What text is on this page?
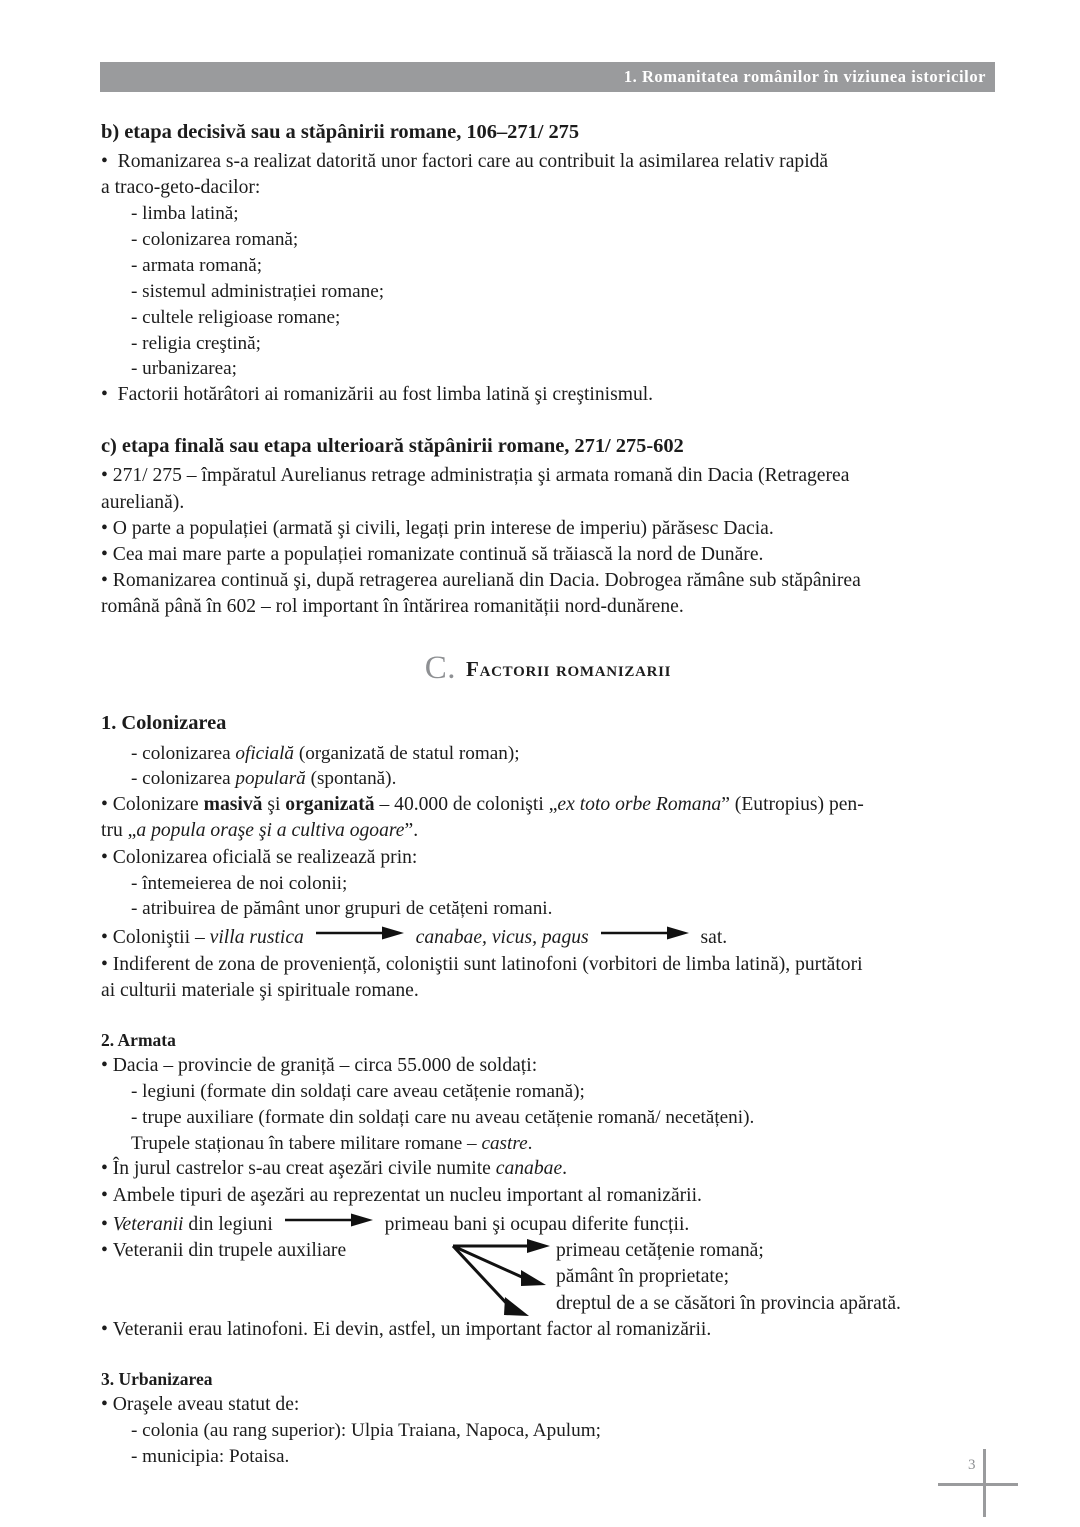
1. Romanitatea românilor în viziunea istoricilor
b) etapa decisivă sau a stăpânirii romane, 106–271/ 275
•  Romanizarea s-a realizat datorită unor factori care au contribuit la asimilarea relativ rapidă
a traco-geto-dacilor:
- limba latină;
- colonizarea romană;
- armata romană;
- sistemul administrației romane;
- cultele religioase romane;
- religia creştină;
- urbanizarea;
•  Factorii hotărâtori ai romanizării au fost limba latină şi creştinismul.
c) etapa finală sau etapa ulterioară stăpânirii romane, 271/ 275-602
• 271/ 275 – împăratul Aurelianus retrage administrația şi armata romană din Dacia (Retragerea
aureliană).
• O parte a populației (armată şi civili, legați prin interese de imperiu) părăsesc Dacia.
• Cea mai mare parte a populației romanizate continuă să trăiască la nord de Dunăre.
• Romanizarea continuă şi, după retragerea aureliană din Dacia. Dobrogea rămâne sub stăpânirea
română până în 602 – rol important în întărirea romanității nord-dunărene.
C. Factorii romanizarii
1. Colonizarea
- colonizarea oficială (organizată de statul roman);
- colonizarea populară (spontană).
• Colonizare masivă şi organizată – 40.000 de colonişti „ex toto orbe Romana” (Eutropius) pen-
tru „a popula oraşe şi a cultiva ogoare”.
• Colonizarea oficială se realizează prin:
- întemeierea de noi colonii;
- atribuirea de pământ unor grupuri de cetățeni romani.
• Coloniştii – villa rustica	canabae, vicus, pagus	sat.
• Indiferent de zona de proveniență, coloniştii sunt latinofoni (vorbitori de limba latină), purtători
ai culturii materiale şi spirituale romane.
2. Armata
• Dacia – provincie de graniță – circa 55.000 de soldați:
- legiuni (formate din soldați care aveau cetățenie romană);
- trupe auxiliare (formate din soldați care nu aveau cetățenie romană/ necetățeni).
Trupele staționau în tabere militare romane – castre.
• În jurul castrelor s-au creat aşezări civile numite canabae.
• Ambele tipuri de aşezări au reprezentat un nucleu important al romanizării.
• Veteranii din legiuni	primeau bani şi ocupau diferite funcții.
• Veteranii din trupele auxiliare	primeau cetățenie romană;
pământ în proprietate;
dreptul de a se căsători în provincia apărată.
• Veteranii erau latinofoni. Ei devin, astfel, un important factor al romanizării.
3. Urbanizarea
• Oraşele aveau statut de:
- colonia (au rang superior): Ulpia Traiana, Napoca, Apulum;
- municipia: Potaisa.	3
